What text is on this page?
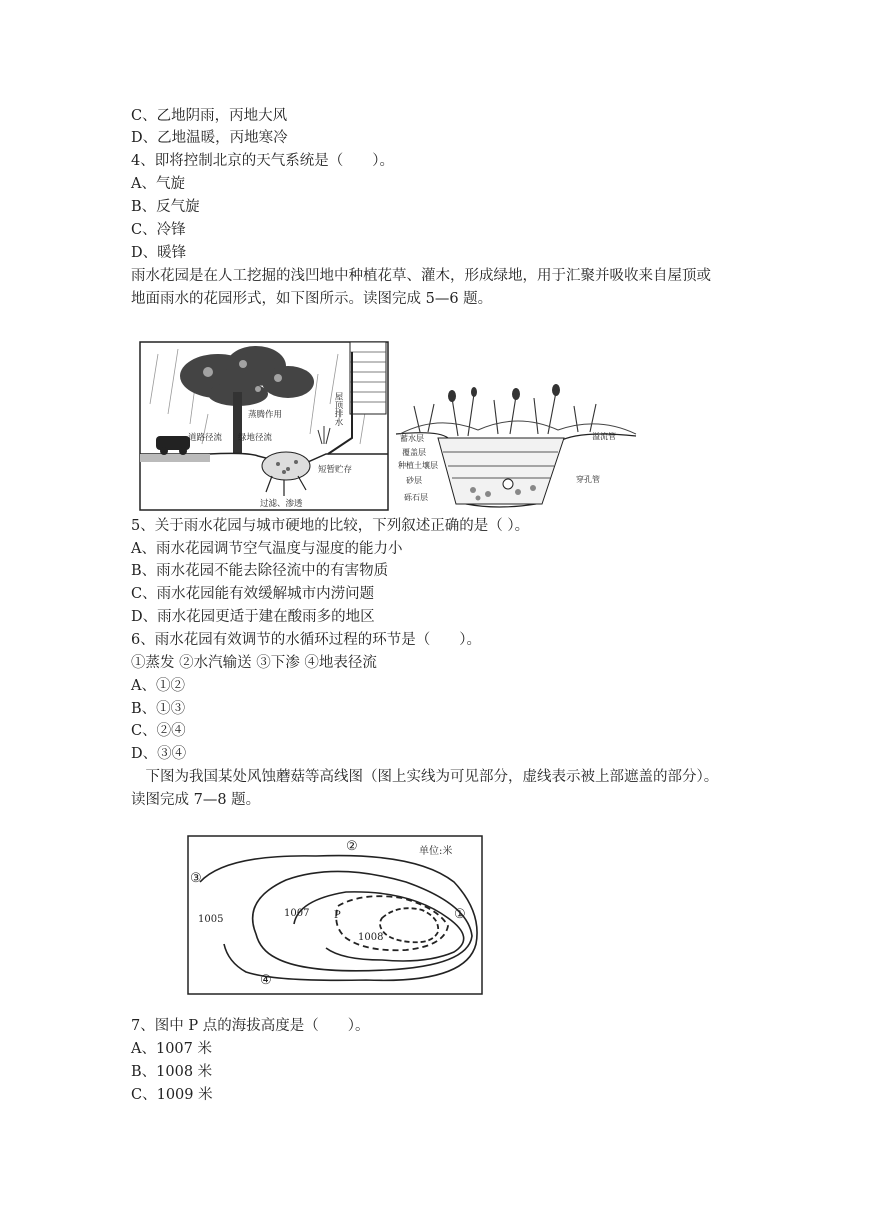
C、乙地阴雨，丙地大风
D、乙地温暖，丙地寒冷
4、即将控制北京的天气系统是（　　）。
A、气旋
B、反气旋
C、冷锋
D、暖锋
雨水花园是在人工挖掘的浅凹地中种植花草、灌木，形成绿地，用于汇聚并吸收来自屋顶或
地面雨水的花园形式，如下图所示。读图完成 5—6 题。
蒸腾作用
道路径流 绿地径流
短暂贮存
过滤、渗透
屋顶排水
蓄水层
覆盖层
种植土壤层
砂层
砾石层
溢流管
穿孔管
5、关于雨水花园与城市硬地的比较，下列叙述正确的是（ ）。
A、雨水花园调节空气温度与湿度的能力小
B、雨水花园不能去除径流中的有害物质
C、雨水花园能有效缓解城市内涝问题
D、雨水花园更适于建在酸雨多的地区
6、雨水花园有效调节的水循环过程的环节是（　　）。
①蒸发 ②水汽输送 ③下渗 ④地表径流
A、①②
B、①③
C、②④
D、③④
　下图为我国某处风蚀蘑菇等高线图（图上实线为可见部分，虚线表示被上部遮盖的部分）。
读图完成 7—8 题。
单位:米
1005
1007
1008
P	①
②
③
④
7、图中 P 点的海拔高度是（　　）。
A、1007 米
B、1008 米
C、1009 米
